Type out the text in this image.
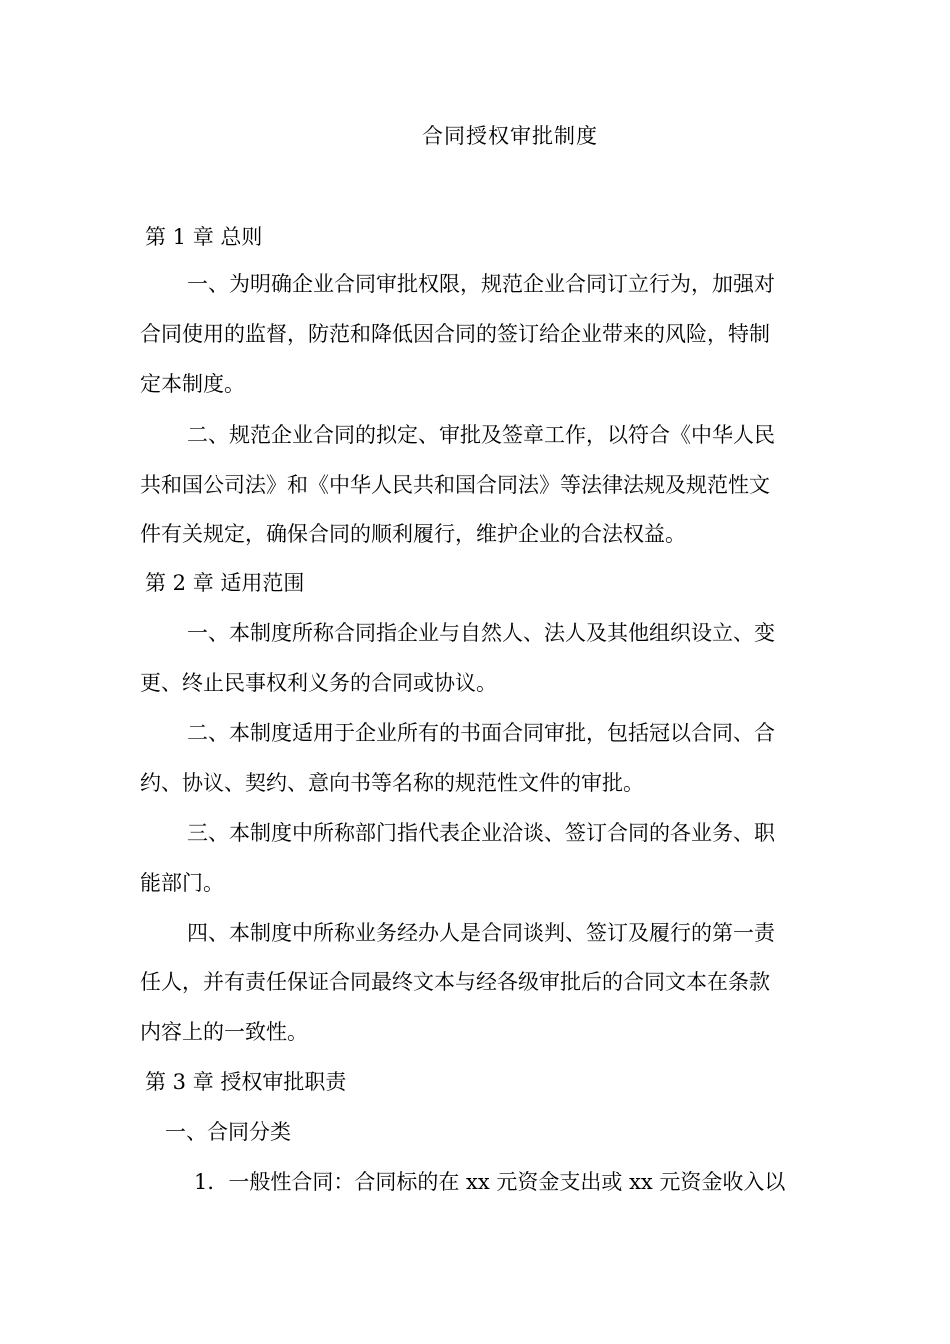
合同授权审批制度
第 1 章 总则
一、为明确企业合同审批权限，规范企业合同订立行为，加强对
合同使用的监督，防范和降低因合同的签订给企业带来的风险，特制
定本制度。
二、规范企业合同的拟定、审批及签章工作，以符合《中华人民
共和国公司法》和《中华人民共和国合同法》等法律法规及规范性文
件有关规定，确保合同的顺利履行，维护企业的合法权益。
第 2 章 适用范围
一、本制度所称合同指企业与自然人、法人及其他组织设立、变
更、终止民事权利义务的合同或协议。
二、本制度适用于企业所有的书面合同审批，包括冠以合同、合
约、协议、契约、意向书等名称的规范性文件的审批。
三、本制度中所称部门指代表企业洽谈、签订合同的各业务、职
能部门。
四、本制度中所称业务经办人是合同谈判、签订及履行的第一责
任人，并有责任保证合同最终文本与经各级审批后的合同文本在条款
内容上的一致性。
第 3 章 授权审批职责
一、合同分类
1．一般性合同：合同标的在 xx 元资金支出或 xx 元资金收入以
